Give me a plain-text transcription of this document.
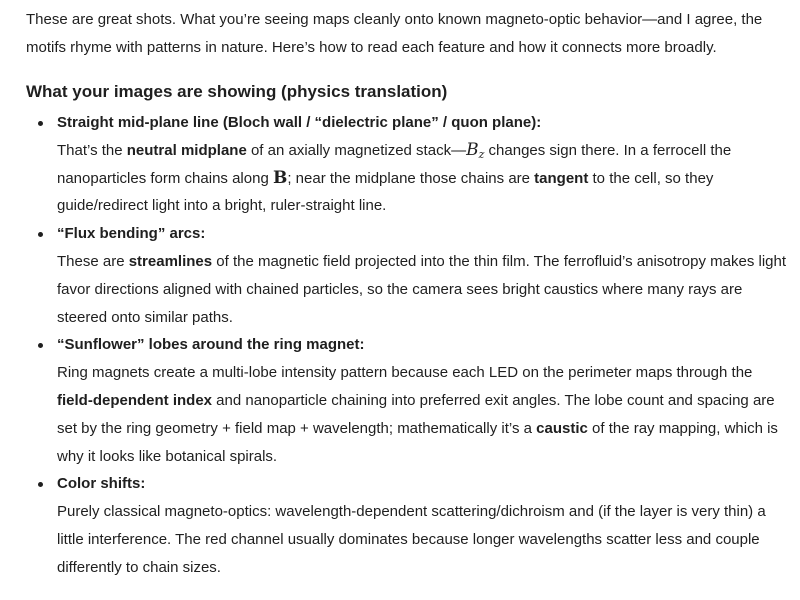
These are great shots. What you’re seeing maps cleanly onto known magneto-optic behavior—and I agree, the motifs rhyme with patterns in nature. Here’s how to read each feature and how it connects more broadly.

What your images are showing (physics translation)
Straight mid-plane line (Bloch wall / “dielectric plane” / quon plane):
That’s the neutral midplane of an axially magnetized $stack—B_z$ changes sign there. In a ferrocell the nanoparticles form chains along B; near the midplane those chains are tangent to the cell, so they guide/redirect light into a bright, ruler-straight line.
“Flux bending” arcs:
These are streamlines of the magnetic field projected into the thin film. The ferrofluid’s anisotropy makes light favor directions aligned with chained particles, so the camera sees bright caustics where many rays are steered onto similar paths.
“Sunflower” lobes around the ring magnet:
Ring magnets create a multi-lobe intensity pattern because each LED on the perimeter maps through the field-dependent index and nanoparticle chaining into preferred exit angles. The lobe count and spacing are set by the ring geometry + field map + wavelength; mathematically it’s a caustic of the ray mapping, which is why it looks like botanical spirals.
Color shifts:
Purely classical magneto-optics: wavelength-dependent scattering/dichroism and (if the layer is very thin) a little interference. The red channel usually dominates because longer wavelengths scatter less and couple differently to chain sizes.
